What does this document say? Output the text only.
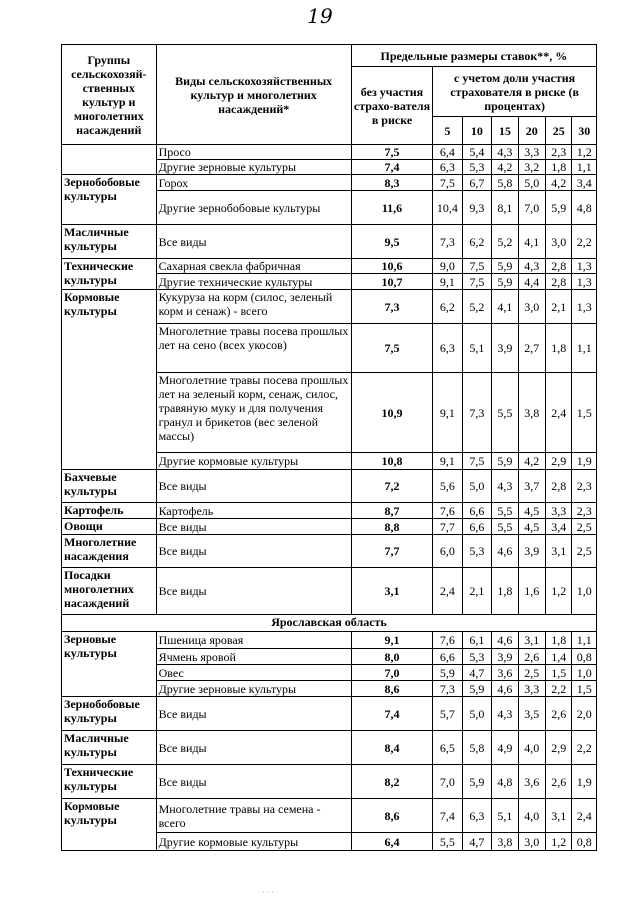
19
Группы сельскохозяй-ственных культур и многолетних насаждений	Виды сельскохозяйственных культур и многолетних насаждений*	Предельные размеры ставок**, %						
		без участия страхо-вателя в риске	с учетом доли участия страхователя в риске (в процентах)					
			5	10	15	20	25	30
	Просо	7,5	6,4	5,4	4,3	3,3	2,3	1,2
	Другие зерновые культуры	7,4	6,3	5,3	4,2	3,2	1,8	1,1
Зернобобовые культуры	Горох	8,3	7,5	6,7	5,8	5,0	4,2	3,4
	Другие зернобобовые культуры	11,6	10,4	9,3	8,1	7,0	5,9	4,8
Масличные культуры	Все виды	9,5	7,3	6,2	5,2	4,1	3,0	2,2
Технические культуры	Сахарная свекла фабричная	10,6	9,0	7,5	5,9	4,3	2,8	1,3
	Другие технические культуры	10,7	9,1	7,5	5,9	4,4	2,8	1,3
Кормовые культуры	Кукуруза на корм (силос, зеленый корм и сенаж) - всего	7,3	6,2	5,2	4,1	3,0	2,1	1,3
	Многолетние травы посева прошлых лет на сено (всех укосов)	7,5	6,3	5,1	3,9	2,7	1,8	1,1
	Многолетние травы посева прошлых лет на зеленый корм, сенаж, силос, травяную муку и для получения гранул и брикетов (вес зеленой массы)	10,9	9,1	7,3	5,5	3,8	2,4	1,5
	Другие кормовые культуры	10,8	9,1	7,5	5,9	4,2	2,9	1,9
Бахчевые культуры	Все виды	7,2	5,6	5,0	4,3	3,7	2,8	2,3
Картофель	Картофель	8,7	7,6	6,6	5,5	4,5	3,3	2,3
Овощи	Все виды	8,8	7,7	6,6	5,5	4,5	3,4	2,5
Многолетние насаждения	Все виды	7,7	6,0	5,3	4,6	3,9	3,1	2,5
Посадки многолетних насаждений	Все виды	3,1	2,4	2,1	1,8	1,6	1,2	1,0
Ярославская область								
Зерновые культуры	Пшеница яровая	9,1	7,6	6,1	4,6	3,1	1,8	1,1
	Ячмень яровой	8,0	6,6	5,3	3,9	2,6	1,4	0,8
	Овес	7,0	5,9	4,7	3,6	2,5	1,5	1,0
	Другие зерновые культуры	8,6	7,3	5,9	4,6	3,3	2,2	1,5
Зернобобовые культуры	Все виды	7,4	5,7	5,0	4,3	3,5	2,6	2,0
Масличные культуры	Все виды	8,4	6,5	5,8	4,9	4,0	2,9	2,2
Технические культуры	Все виды	8,2	7,0	5,9	4,8	3,6	2,6	1,9
Кормовые культуры	Многолетние травы на семена - всего	8,6	7,4	6,3	5,1	4,0	3,1	2,4
	Другие кормовые культуры	6,4	5,5	4,7	3,8	3,0	1,2	0,8
· · ·
